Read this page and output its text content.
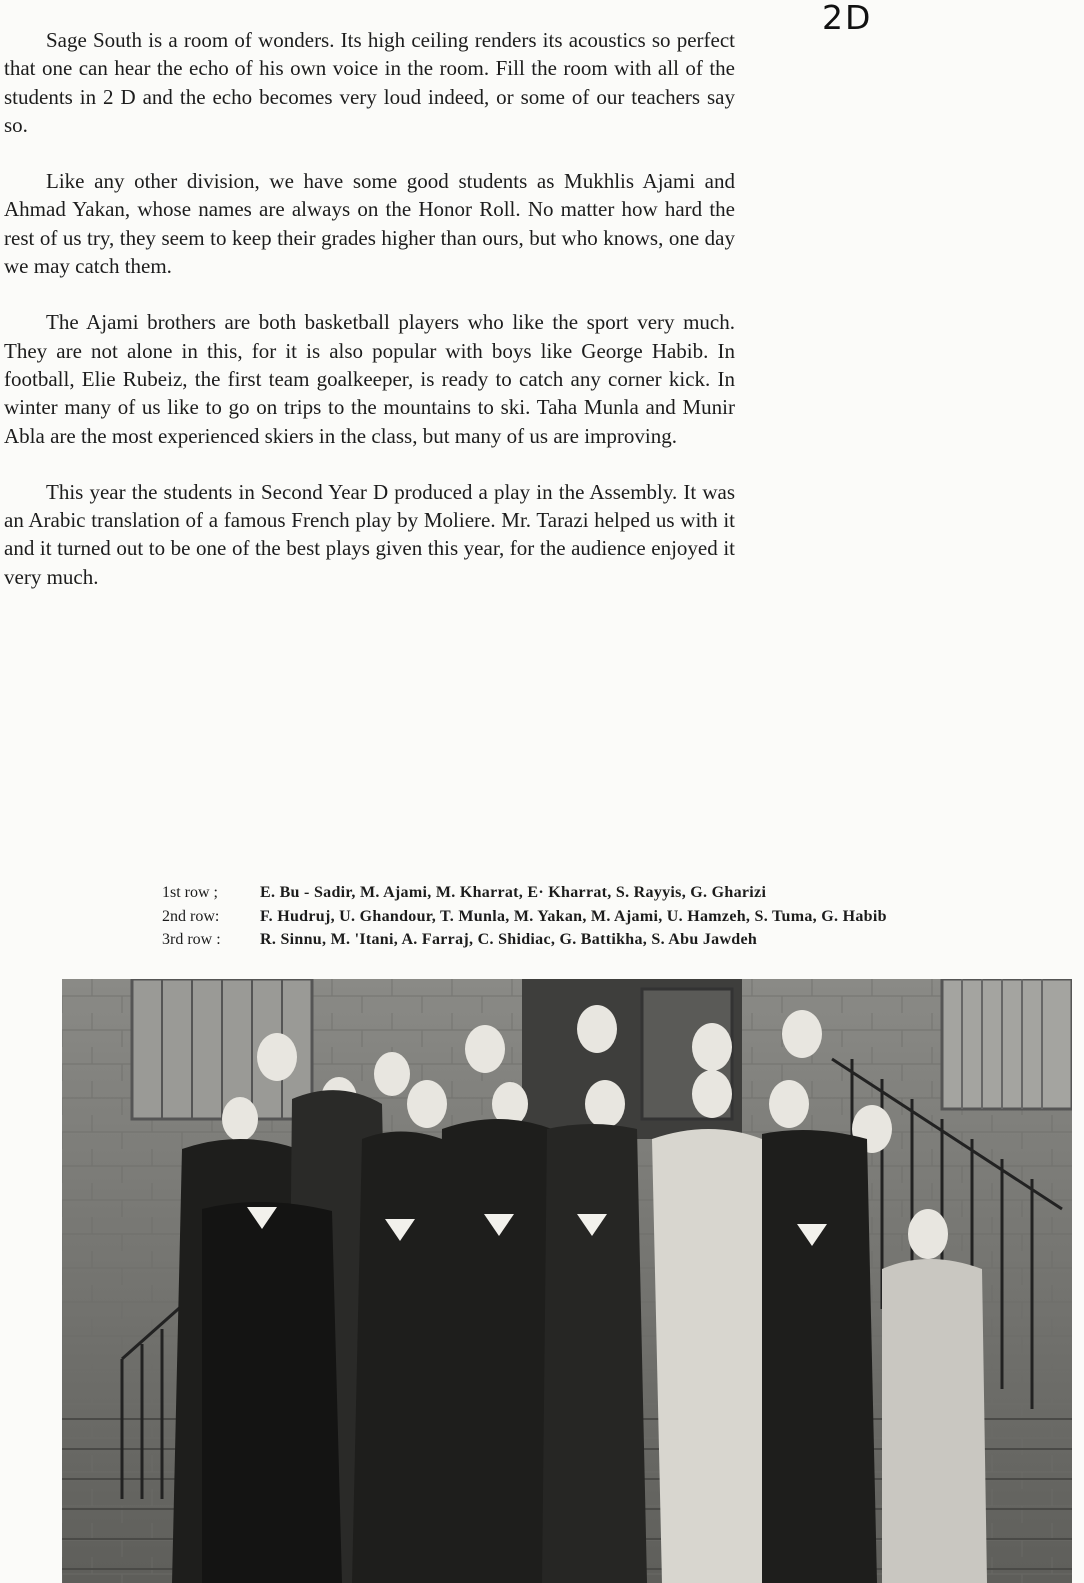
2D

Sage South is a room of wonders. Its high ceiling renders its acoustics so perfect that one can hear the echo of his own voice in the room. Fill the room with all of the students in 2 D and the echo becomes very loud indeed, or some of our teachers say so.

Like any other division, we have some good students as Mukhlis Ajami and Ahmad Yakan, whose names are always on the Honor Roll. No matter how hard the rest of us try, they seem to keep their grades higher than ours, but who knows, one day we may catch them.

The Ajami brothers are both basketball players who like the sport very much. They are not alone in this, for it is also popular with boys like George Habib. In football, Elie Rubeiz, the first team goalkeeper, is ready to catch any corner kick. In winter many of us like to go on trips to the mountains to ski. Taha Munla and Munir Abla are the most experienced skiers in the class, but many of us are improving.

This year the students in Second Year D produced a play in the Assembly. It was an Arabic translation of a famous French play by Moliere. Mr. Tarazi helped us with it and it turned out to be one of the best plays given this year, for the audience enjoyed it very much.

1st row ;	E. Bu - Sadir, M. Ajami, M. Kharrat, E· Kharrat, S. Rayyis, G. Gharizi
2nd row:	F. Hudruj, U. Ghandour, T. Munla, M. Yakan, M. Ajami, U. Hamzeh, S. Tuma, G. Habib
3rd row :	R. Sinnu, M. 'Itani, A. Farraj, C. Shidiac, G. Battikha, S. Abu Jawdeh
